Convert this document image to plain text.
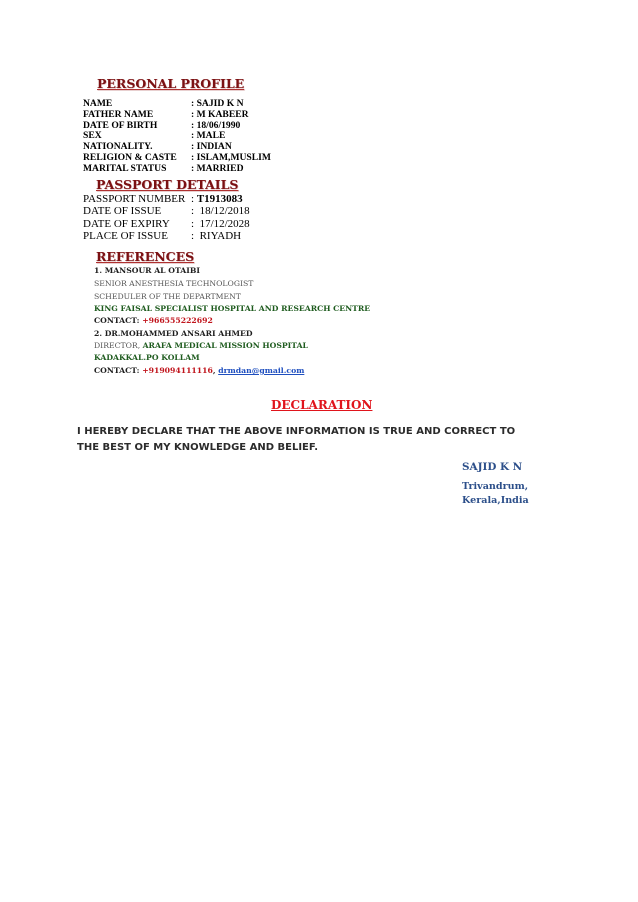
PERSONAL PROFILE
NAME	: SAJID K N
FATHER NAME	: M KABEER
DATE OF BIRTH	: 18/06/1990
SEX	: MALE
NATIONALITY.	: INDIAN
RELIGION & CASTE	: ISLAM,MUSLIM
MARITAL STATUS	: MARRIED
PASSPORT DETAILS
PASSPORT NUMBER : T1913083
DATE OF ISSUE	: 18/12/2018
DATE OF EXPIRY	: 17/12/2028
PLACE OF ISSUE	: RIYADH
REFERENCES
1. MANSOUR AL OTAIBI
SENIOR ANESTHESIA TECHNOLOGIST
SCHEDULER OF THE DEPARTMENT
KING FAISAL SPECIALIST HOSPITAL AND RESEARCH CENTRE
CONTACT: +966555222692
2. DR.MOHAMMED ANSARI AHMED
DIRECTOR, ARAFA MEDICAL MISSION HOSPITAL
KADAKKAL.PO KOLLAM
CONTACT: +919094111116, drmdan@gmail.com
DECLARATION
I HEREBY DECLARE THAT THE ABOVE INFORMATION IS TRUE AND CORRECT TO THE BEST OF MY KNOWLEDGE AND BELIEF.
SAJID K N
Trivandrum,
Kerala,India
